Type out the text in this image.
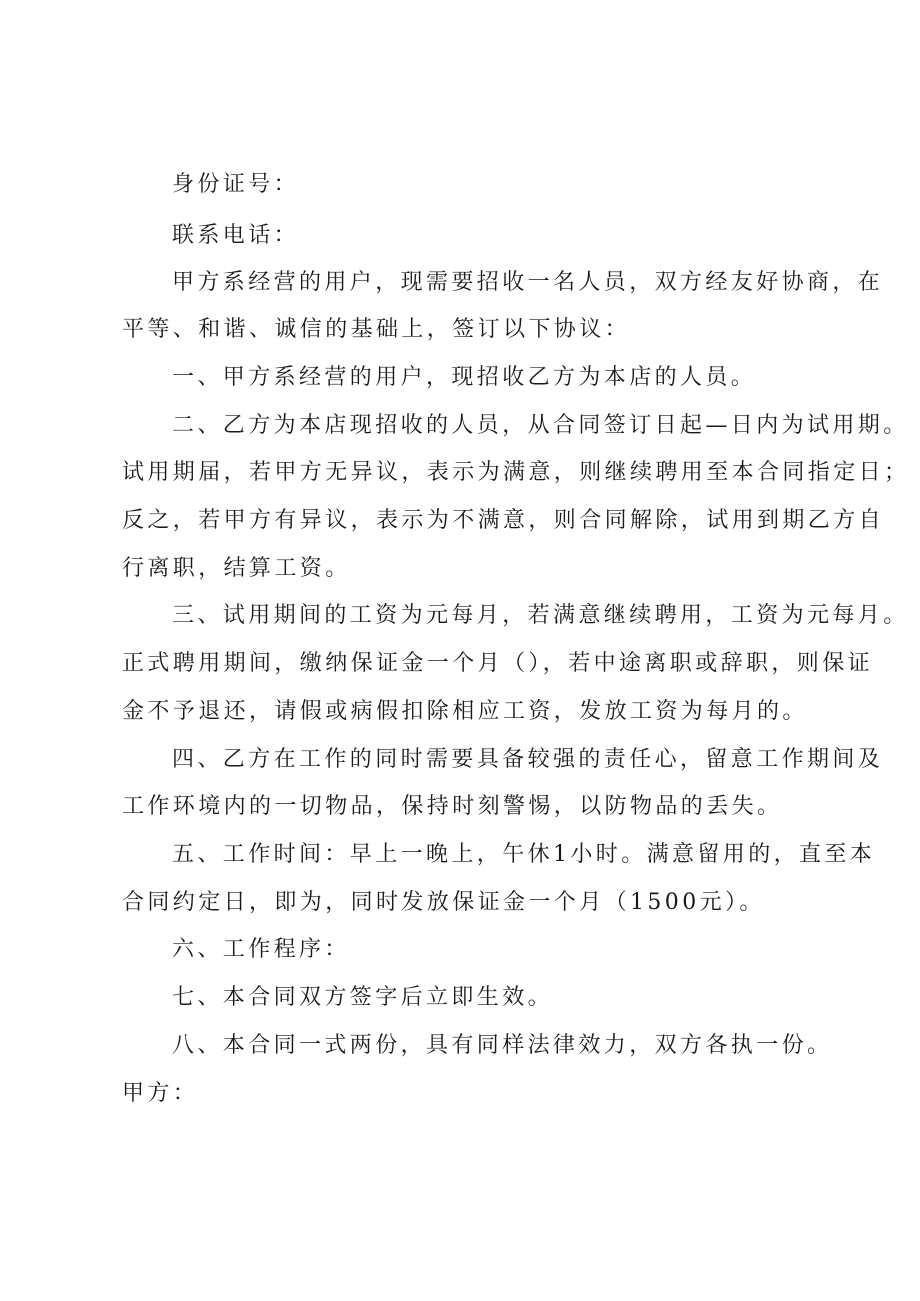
身份证号：
联系电话：
甲方系经营的用户，现需要招收一名人员，双方经友好协商，在
平等、和谐、诚信的基础上，签订以下协议：
一、甲方系经营的用户，现招收乙方为本店的人员。
二、乙方为本店现招收的人员，从合同签订日起—日内为试用期。
试用期届，若甲方无异议，表示为满意，则继续聘用至本合同指定日；
反之，若甲方有异议，表示为不满意，则合同解除，试用到期乙方自
行离职，结算工资。
三、试用期间的工资为元每月，若满意继续聘用，工资为元每月。
正式聘用期间，缴纳保证金一个月（），若中途离职或辞职，则保证
金不予退还，请假或病假扣除相应工资，发放工资为每月的。
四、乙方在工作的同时需要具备较强的责任心，留意工作期间及
工作环境内的一切物品，保持时刻警惕，以防物品的丢失。
五、工作时间：早上一晚上，午休1小时。满意留用的，直至本
合同约定日，即为，同时发放保证金一个月（1500元）。
六、工作程序：
七、本合同双方签字后立即生效。
八、本合同一式两份，具有同样法律效力，双方各执一份。
甲方：
